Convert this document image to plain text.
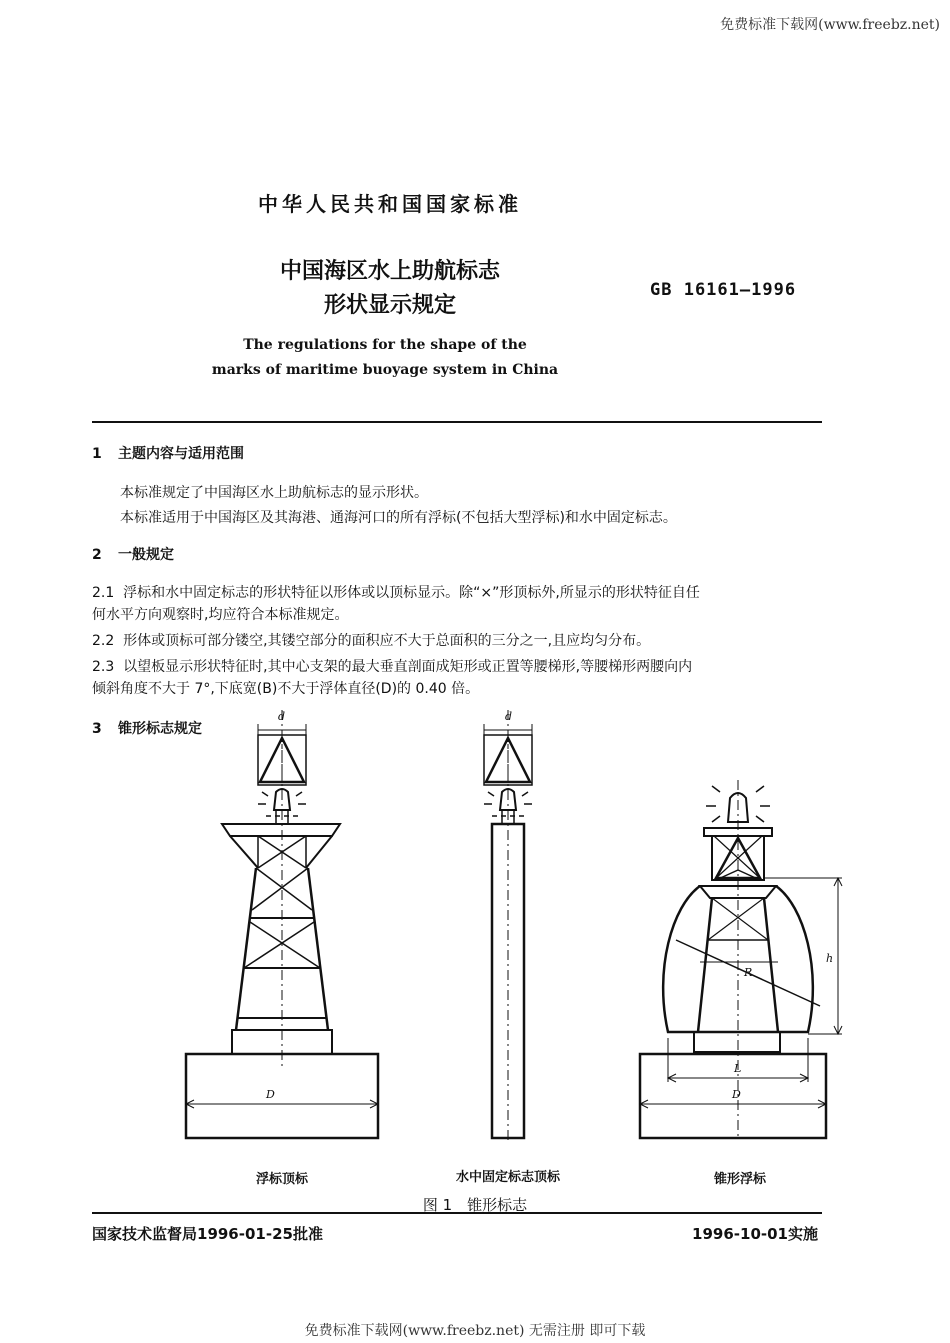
免费标准下载网(www.freebz.net)
中华人民共和国国家标准
中国海区水上助航标志
形状显示规定
GB 16161—1996
The regulations for the shape of the
marks of maritime buoyage system in China
1 主题内容与适用范围
本标准规定了中国海区水上助航标志的显示形状。
本标准适用于中国海区及其海港、通海河口的所有浮标(不包括大型浮标)和水中固定标志。
2 一般规定
2.1 浮标和水中固定标志的形状特征以形体或以顶标显示。除“×”形顶标外,所显示的形状特征自任
何水平方向观察时,均应符合本标准规定。
2.2 形体或顶标可部分镂空,其镂空部分的面积应不大于总面积的三分之一,且应均匀分布。
2.3 以望板显示形状特征时,其中心支架的最大垂直剖面成矩形或正置等腰梯形,等腰梯形两腰向内
倾斜角度不大于 7°,下底宽(B)不大于浮体直径(D)的 0.40 倍。
3 锥形标志规定
d
D
d
R
h
L
D
浮标顶标	水中固定标志顶标	锥形浮标
图 1　锥形标志
国家技术监督局1996-01-25批准	1996-10-01实施
免费标准下载网(www.freebz.net) 无需注册 即可下载
